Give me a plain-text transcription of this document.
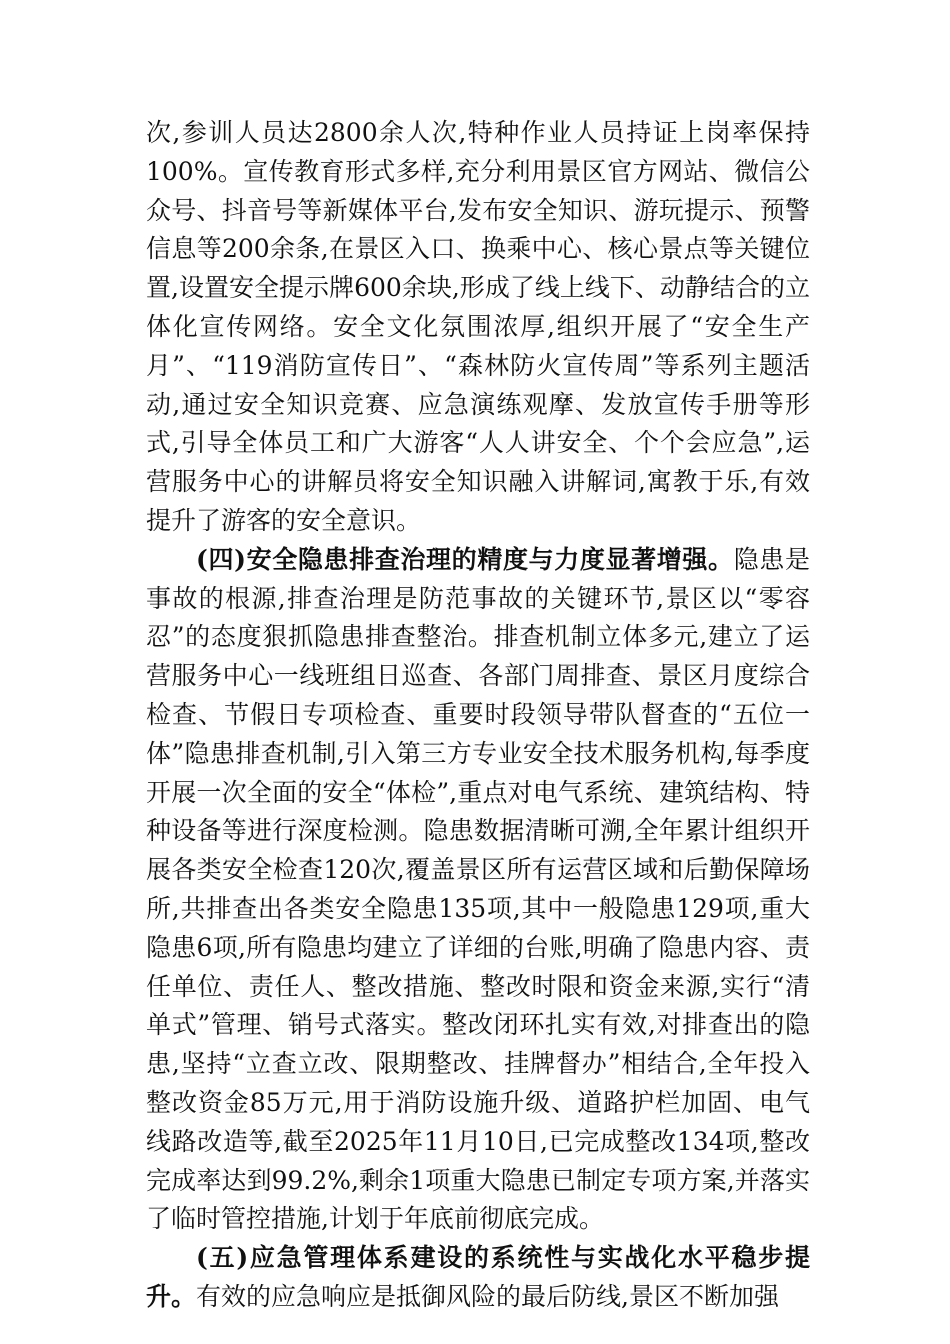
次,参训人员达2800余人次,特种作业人员持证上岗率保持100%。宣传教育形式多样,充分利用景区官方网站、微信公众号、抖音号等新媒体平台,发布安全知识、游玩提示、预警信息等200余条,在景区入口、换乘中心、核心景点等关键位置,设置安全提示牌600余块,形成了线上线下、动静结合的立体化宣传网络。安全文化氛围浓厚,组织开展了“安全生产月”、“119消防宣传日”、“森林防火宣传周”等系列主题活动,通过安全知识竞赛、应急演练观摩、发放宣传手册等形式,引导全体员工和广大游客“人人讲安全、个个会应急”,运营服务中心的讲解员将安全知识融入讲解词,寓教于乐,有效提升了游客的安全意识。

(四)安全隐患排查治理的精度与力度显著增强。隐患是事故的根源,排查治理是防范事故的关键环节,景区以“零容忍”的态度狠抓隐患排查整治。排查机制立体多元,建立了运营服务中心一线班组日巡查、各部门周排查、景区月度综合检查、节假日专项检查、重要时段领导带队督查的“五位一体”隐患排查机制,引入第三方专业安全技术服务机构,每季度开展一次全面的安全“体检”,重点对电气系统、建筑结构、特种设备等进行深度检测。隐患数据清晰可溯,全年累计组织开展各类安全检查120次,覆盖景区所有运营区域和后勤保障场所,共排查出各类安全隐患135项,其中一般隐患129项,重大隐患6项,所有隐患均建立了详细的台账,明确了隐患内容、责任单位、责任人、整改措施、整改时限和资金来源,实行“清单式”管理、销号式落实。整改闭环扎实有效,对排查出的隐患,坚持“立查立改、限期整改、挂牌督办”相结合,全年投入整改资金85万元,用于消防设施升级、道路护栏加固、电气线路改造等,截至2025年11月10日,已完成整改134项,整改完成率达到99.2%,剩余1项重大隐患已制定专项方案,并落实了临时管控措施,计划于年底前彻底完成。

(五)应急管理体系建设的系统性与实战化水平稳步提升。有效的应急响应是抵御风险的最后防线,景区不断加强
